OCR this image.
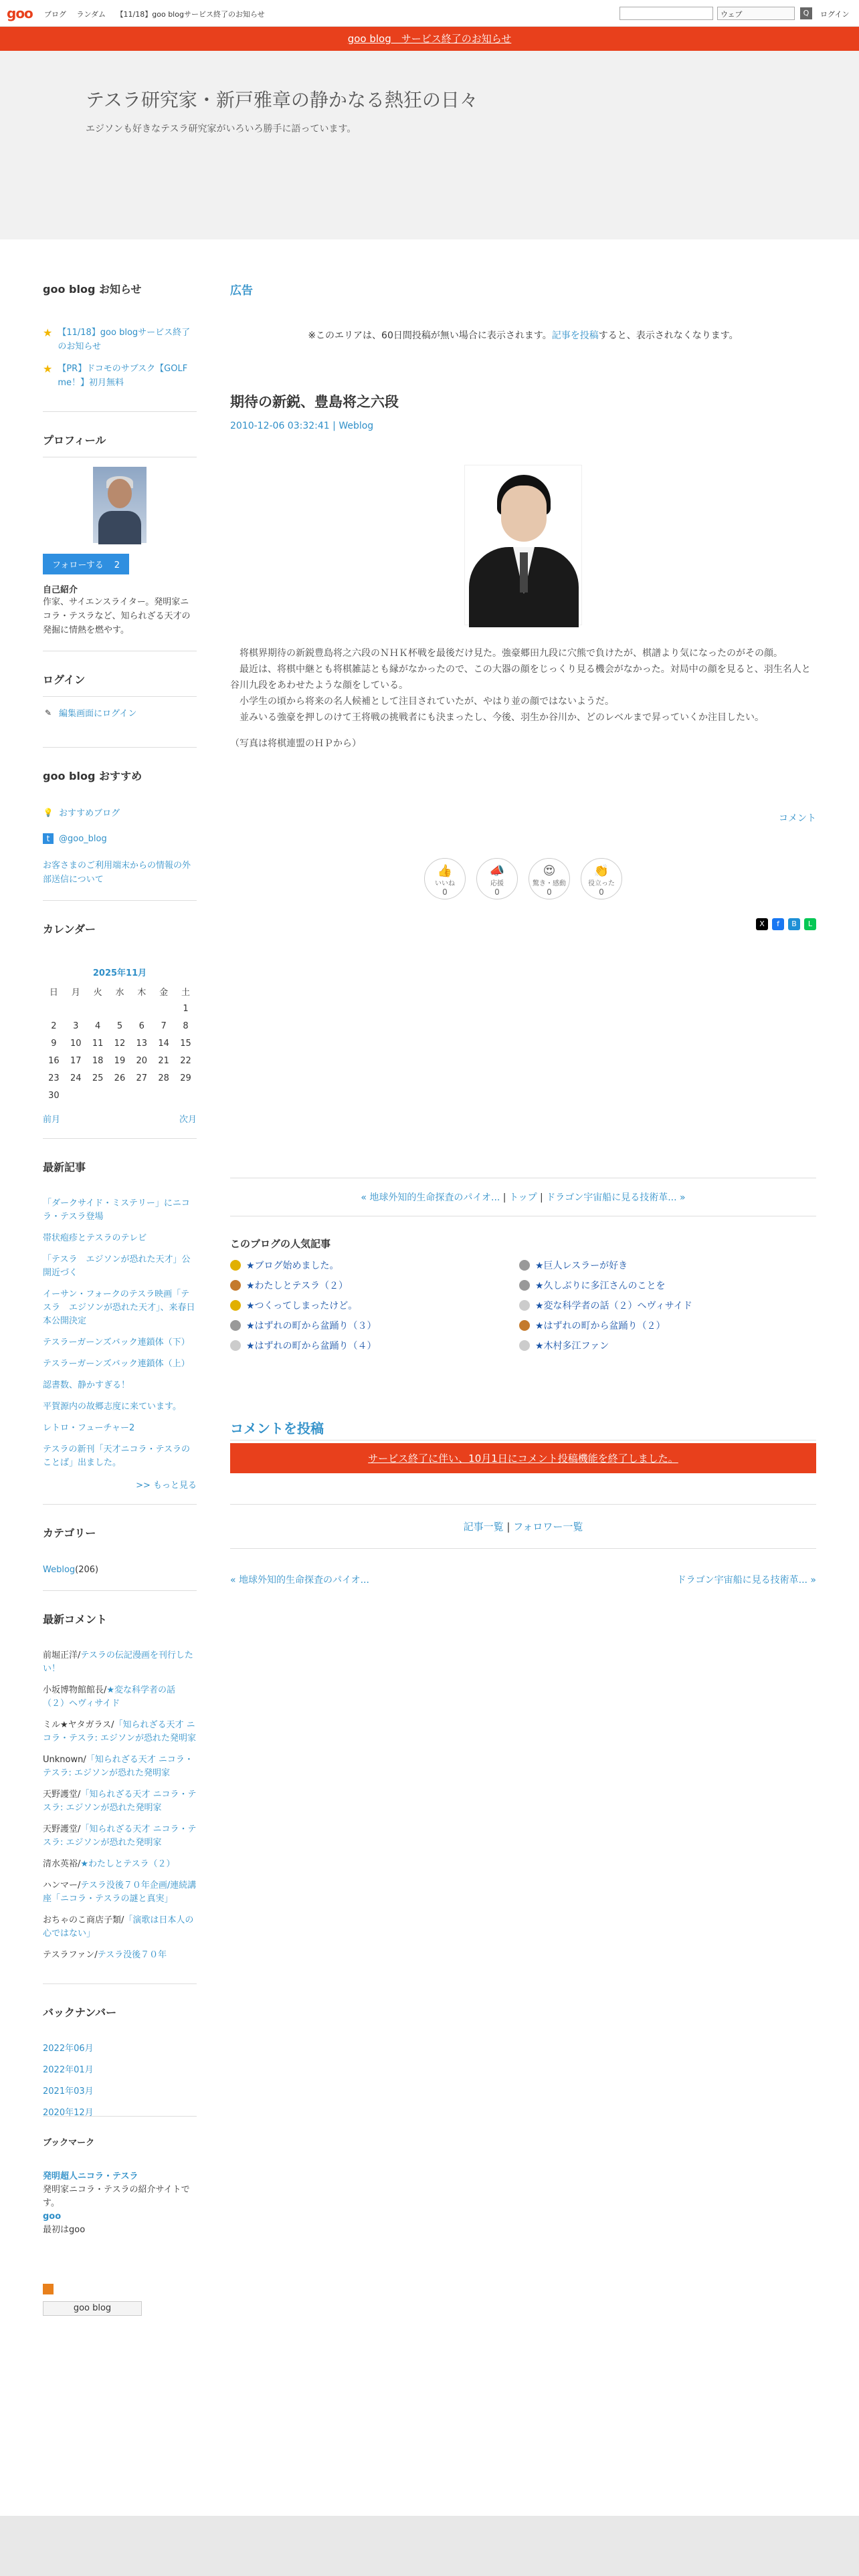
goo ブログ ランダム 【11/18】goo blogサービス終了のお知らせ	ウェブ	Q	ログイン
goo blog　サービス終了のお知らせ
テスラ研究家・新戸雅章の静かなる熱狂の日々
エジソンも好きなテスラ研究家がいろいろ勝手に語っています。
goo blog お知らせ
★ 【11/18】goo blogサービス終了のお知らせ
★ 【PR】ドコモのサブスク【GOLF me！】初月無料
プロフィール
フォローする 2
自己紹介
作家、サイエンスライター。発明家ニコラ・テスラなど、知られざる天才の発掘に情熱を燃やす。
ログイン
✎ 編集画面にログイン
goo blog おすすめ
💡 おすすめブログ
t	@goo_blog
お客さまのご利用端末からの情報の外部送信について
カレンダー
2025年11月
日	月	火	水	木	金	土
						1
2	3	4	5	6	7	8
9	10	11	12	13	14	15
16	17	18	19	20	21	22
23	24	25	26	27	28	29
30						
前月	次月
最新記事
「ダークサイド・ミステリー」にニコラ・テスラ登場
帯状疱疹とテスラのテレビ
「テスラ　エジソンが恐れた天才」公開近づく
イーサン・フォークのテスラ映画「テスラ　エジソンが恐れた天才」、来春日本公開決定
テスラーガーンズバック連鎖体（下）
テスラーガーンズバック連鎖体（上）
認書数、静かすぎる！
平賀源内の故郷志度に来ています。
レトロ・フューチャー2
テスラの新刊「天才ニコラ・テスラのことば」出ました。
>> もっと見る
カテゴリー
Weblog(206)
最新コメント
前堀正洋/テスラの伝記漫画を刊行したい！
小坂博物館館長/★変な科学者の話（２）ヘヴィサイド
ミル★ヤタガラス/「知られざる天才 ニコラ・テスラ: エジソンが恐れた発明家
Unknown/「知られざる天才 ニコラ・テスラ: エジソンが恐れた発明家
天野護堂/「知られざる天才 ニコラ・テスラ: エジソンが恐れた発明家
天野護堂/「知られざる天才 ニコラ・テスラ: エジソンが恐れた発明家
清水英裕/★わたしとテスラ（２）
ハンマー/テスラ没後７０年企画/連続講座「ニコラ・テスラの謎と真実」
おちゃのこ商店子類/「演歌は日本人の心ではない」
テスラファン/テスラ没後７０年
バックナンバー
2022年06月
2022年01月
2021年03月
2020年12月
ブックマーク
発明超人ニコラ・テスラ
発明家ニコラ・テスラの紹介サイトです。
goo
最初はgoo

goo blog
広告
※このエリアは、60日間投稿が無い場合に表示されます。記事を投稿すると、表示されなくなります。
期待の新鋭、豊島将之六段
2010-12-06 03:32:41 | Weblog

　将棋界期待の新鋭豊島将之六段のＮＨＫ杯戦を最後だけ見た。強豪郷田九段に穴熊で負けたが、棋譜より気になったのがその顔。

　最近は、将棋中継とも将棋雑誌とも縁がなかったので、この大器の顔をじっくり見る機会がなかった。対局中の顔を見ると、羽生名人と谷川九段をあわせたような顔をしている。

　小学生の頃から将来の名人候補として注目されていたが、やはり並の顔ではないようだ。

　並みいる強豪を押しのけて王将戦の挑戦者にも決まったし、今後、羽生か谷川か、どのレベルまで昇っていくか注目したい。

（写真は将棋連盟のＨＰから）
コメント
👍
いいね
0
📣
応援
0
😍
驚き・感動
0
👏
役立った
0
X	f	B	L
« 地球外知的生命探査のパイオ... | トップ | ドラゴン宇宙船に見る技術革... »
このブログの人気記事
★ブログ始めました。	★巨人レスラーが好き
★わたしとテスラ（２）	★久しぶりに多江さんのことを
★つくってしまったけど。	★変な科学者の話（２）ヘヴィサイド
★はずれの町から盆踊り（３）	★はずれの町から盆踊り（２）
★はずれの町から盆踊り（４）	★木村多江ファン
コメントを投稿
サービス終了に伴い、10月1日にコメント投稿機能を終了しました。
記事一覧 | フォロワー一覧
« 地球外知的生命探査のパイオ...	ドラゴン宇宙船に見る技術革... »
